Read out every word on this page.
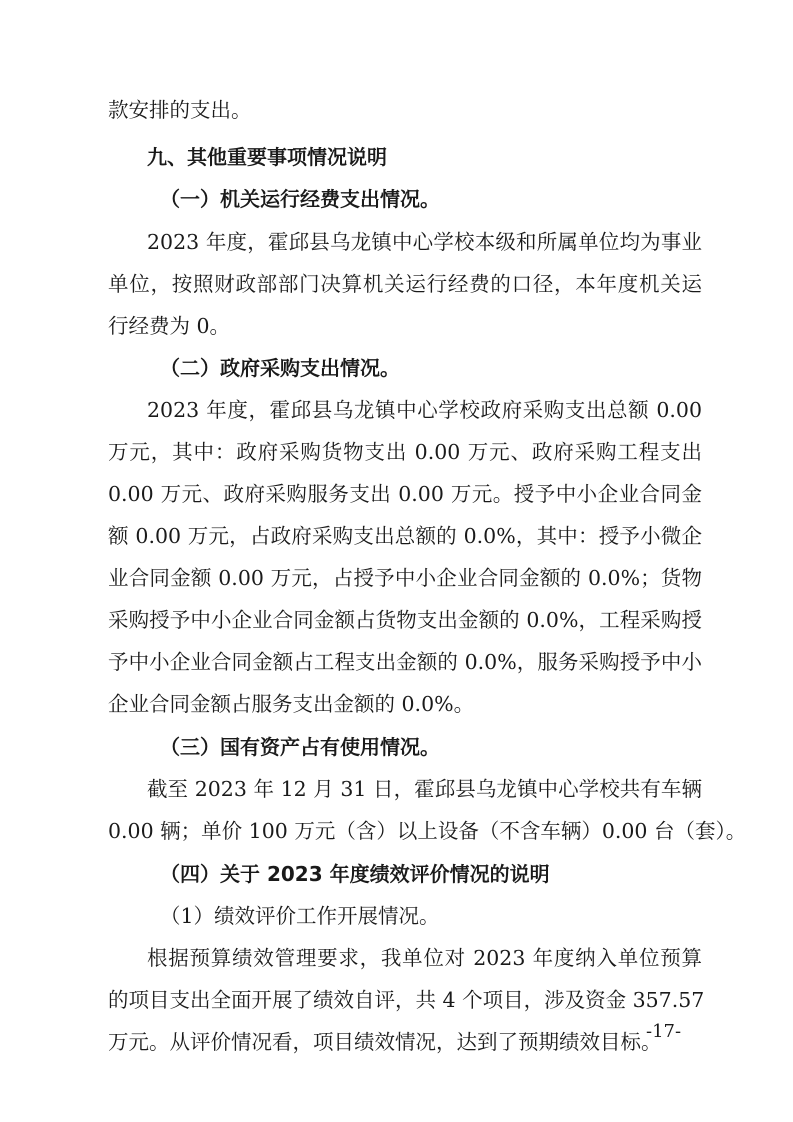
款安排的支出。
九、其他重要事项情况说明
（一）机关运行经费支出情况。
2023 年度，霍邱县乌龙镇中心学校本级和所属单位均为事业
单位，按照财政部部门决算机关运行经费的口径，本年度机关运
行经费为 0。
（二）政府采购支出情况。
2023 年度，霍邱县乌龙镇中心学校政府采购支出总额 0.00
万元，其中：政府采购货物支出 0.00 万元、政府采购工程支出
0.00 万元、政府采购服务支出 0.00 万元。授予中小企业合同金
额 0.00 万元，占政府采购支出总额的 0.0%，其中：授予小微企
业合同金额 0.00 万元，占授予中小企业合同金额的 0.0%；货物
采购授予中小企业合同金额占货物支出金额的 0.0%，工程采购授
予中小企业合同金额占工程支出金额的 0.0%，服务采购授予中小
企业合同金额占服务支出金额的 0.0%。
（三）国有资产占有使用情况。
截至 2023 年 12 月 31 日，霍邱县乌龙镇中心学校共有车辆
0.00 辆；单价 100 万元（含）以上设备（不含车辆）0.00 台（套）。
（四）关于 2023 年度绩效评价情况的说明
（1）绩效评价工作开展情况。
根据预算绩效管理要求，我单位对 2023 年度纳入单位预算
的项目支出全面开展了绩效自评，共 4 个项目，涉及资金 357.57
万元。从评价情况看，项目绩效情况，达到了预期绩效目标。
-17-
